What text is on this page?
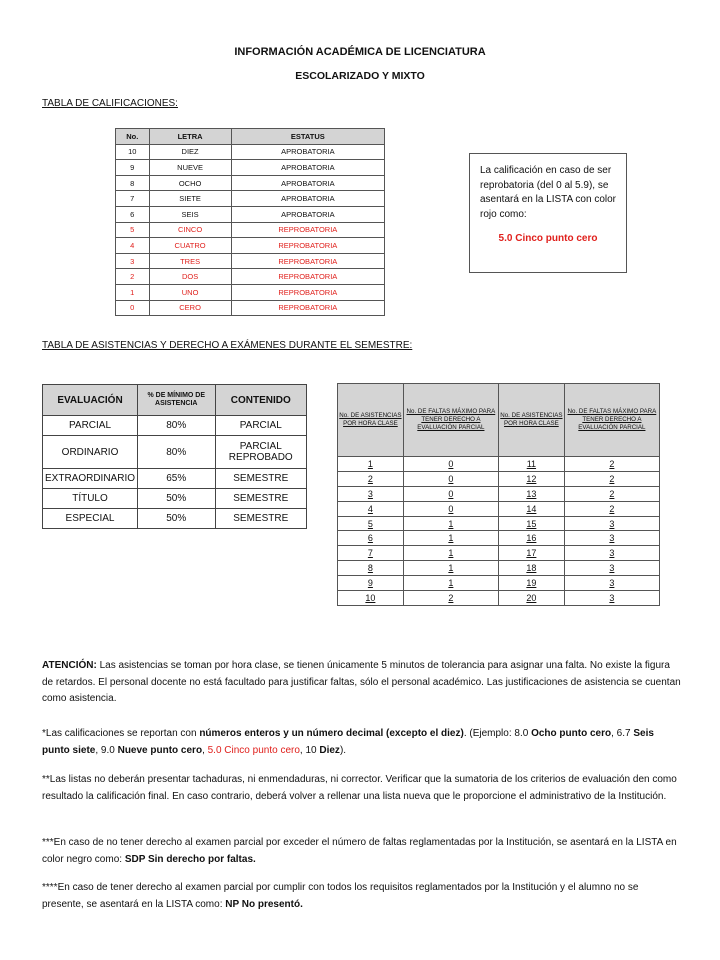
INFORMACIÓN ACADÉMICA DE LICENCIATURA
ESCOLARIZADO Y MIXTO
TABLA DE CALIFICACIONES:
No.	LETRA	ESTATUS
10	DIEZ	APROBATORIA
9	NUEVE	APROBATORIA
8	OCHO	APROBATORIA
7	SIETE	APROBATORIA
6	SEIS	APROBATORIA
5	CINCO	REPROBATORIA
4	CUATRO	REPROBATORIA
3	TRES	REPROBATORIA
2	DOS	REPROBATORIA
1	UNO	REPROBATORIA
0	CERO	REPROBATORIA
La calificación en caso de ser reprobatoria (del 0 al 5.9), se asentará en la LISTA con color rojo como:
5.0 Cinco punto cero
TABLA DE ASISTENCIAS Y DERECHO A EXÁMENES DURANTE EL SEMESTRE:
EVALUACIÓN	% DE MÍNIMO DE ASISTENCIA	CONTENIDO
PARCIAL	80%	PARCIAL
ORDINARIO	80%	PARCIAL REPROBADO
EXTRAORDINARIO	65%	SEMESTRE
TÍTULO	50%	SEMESTRE
ESPECIAL	50%	SEMESTRE
No. DE ASISTENCIAS POR HORA CLASE	No. DE FALTAS MÁXIMO PARA TENER DERECHO A EVALUACIÓN PARCIAL	No. DE ASISTENCIAS POR HORA CLASE	No. DE FALTAS MÁXIMO PARA TENER DERECHO A EVALUACIÓN PARCIAL
1	0	11	2
2	0	12	2
3	0	13	2
4	0	14	2
5	1	15	3
6	1	16	3
7	1	17	3
8	1	18	3
9	1	19	3
10	2	20	3
ATENCIÓN: Las asistencias se toman por hora clase, se tienen únicamente 5 minutos de tolerancia para asignar una falta. No existe la figura de retardos. El personal docente no está facultado para justificar faltas, sólo el personal académico. Las justificaciones de asistencia se cuentan como asistencia.
*Las calificaciones se reportan con números enteros y un número decimal (excepto el diez). (Ejemplo: 8.0 Ocho punto cero, 6.7 Seis punto siete, 9.0 Nueve punto cero, 5.0 Cinco punto cero, 10 Diez).
**Las listas no deberán presentar tachaduras, ni enmendaduras, ni corrector. Verificar que la sumatoria de los criterios de evaluación den como resultado la calificación final. En caso contrario, deberá volver a rellenar una lista nueva que le proporcione el administrativo de la Institución.
***En caso de no tener derecho al examen parcial por exceder el número de faltas reglamentadas por la Institución, se asentará en la LISTA en color negro como: SDP Sin derecho por faltas.
****En caso de tener derecho al examen parcial por cumplir con todos los requisitos reglamentados por la Institución y el alumno no se presente, se asentará en la LISTA como: NP No presentó.
